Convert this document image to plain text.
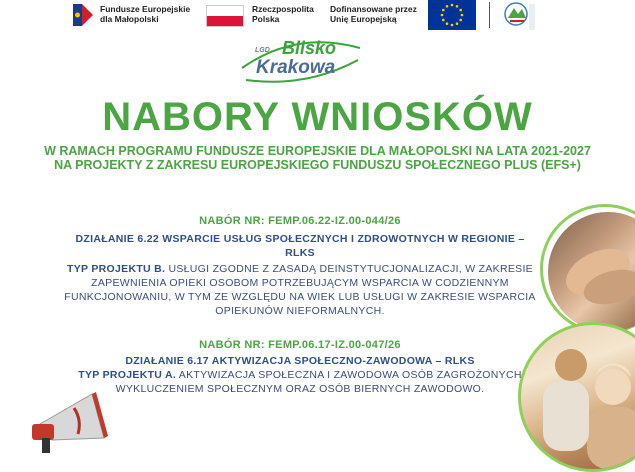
Fundusze Europejskie
dla Małopolski
Rzeczpospolita
Polska
Dofinansowane przez
Unię Europejską
LGD Blisko
Krakowa
NABORY WNIOSKÓW
W RAMACH PROGRAMU FUNDUSZE EUROPEJSKIE DLA MAŁOPOLSKI NA LATA 2021-2027 NA PROJEKTY Z ZAKRESU EUROPEJSKIEGO FUNDUSZU SPOŁECZNEGO PLUS (EFS+)
NABÓR NR: FEMP.06.22-IZ.00-044/26
DZIAŁANIE 6.22 WSPARCIE USŁUG SPOŁECZNYCH I ZDROWOTNYCH W REGIONIE – RLKS
TYP PROJEKTU B. USŁUGI ZGODNE Z ZASADĄ DEINSTYTUCJONALIZACJI, W ZAKRESIE ZAPEWNIENIA OPIEKI OSOBOM POTRZEBUJĄCYM WSPARCIA W CODZIENNYM FUNKCJONOWANIU, W TYM ZE WZGLĘDU NA WIEK LUB USŁUGI W ZAKRESIE WSPARCIA OPIEKUNÓW NIEFORMALNYCH.
NABÓR NR: FEMP.06.17-IZ.00-047/26
DZIAŁANIE 6.17 AKTYWIZACJA SPOŁECZNO-ZAWODOWA – RLKS
TYP PROJEKTU A. AKTYWIZACJA SPOŁECZNA I ZAWODOWA OSÓB ZAGROŻONYCH WYKLUCZENIEM SPOŁECZNYM ORAZ OSÓB BIERNYCH ZAWODOWO.
